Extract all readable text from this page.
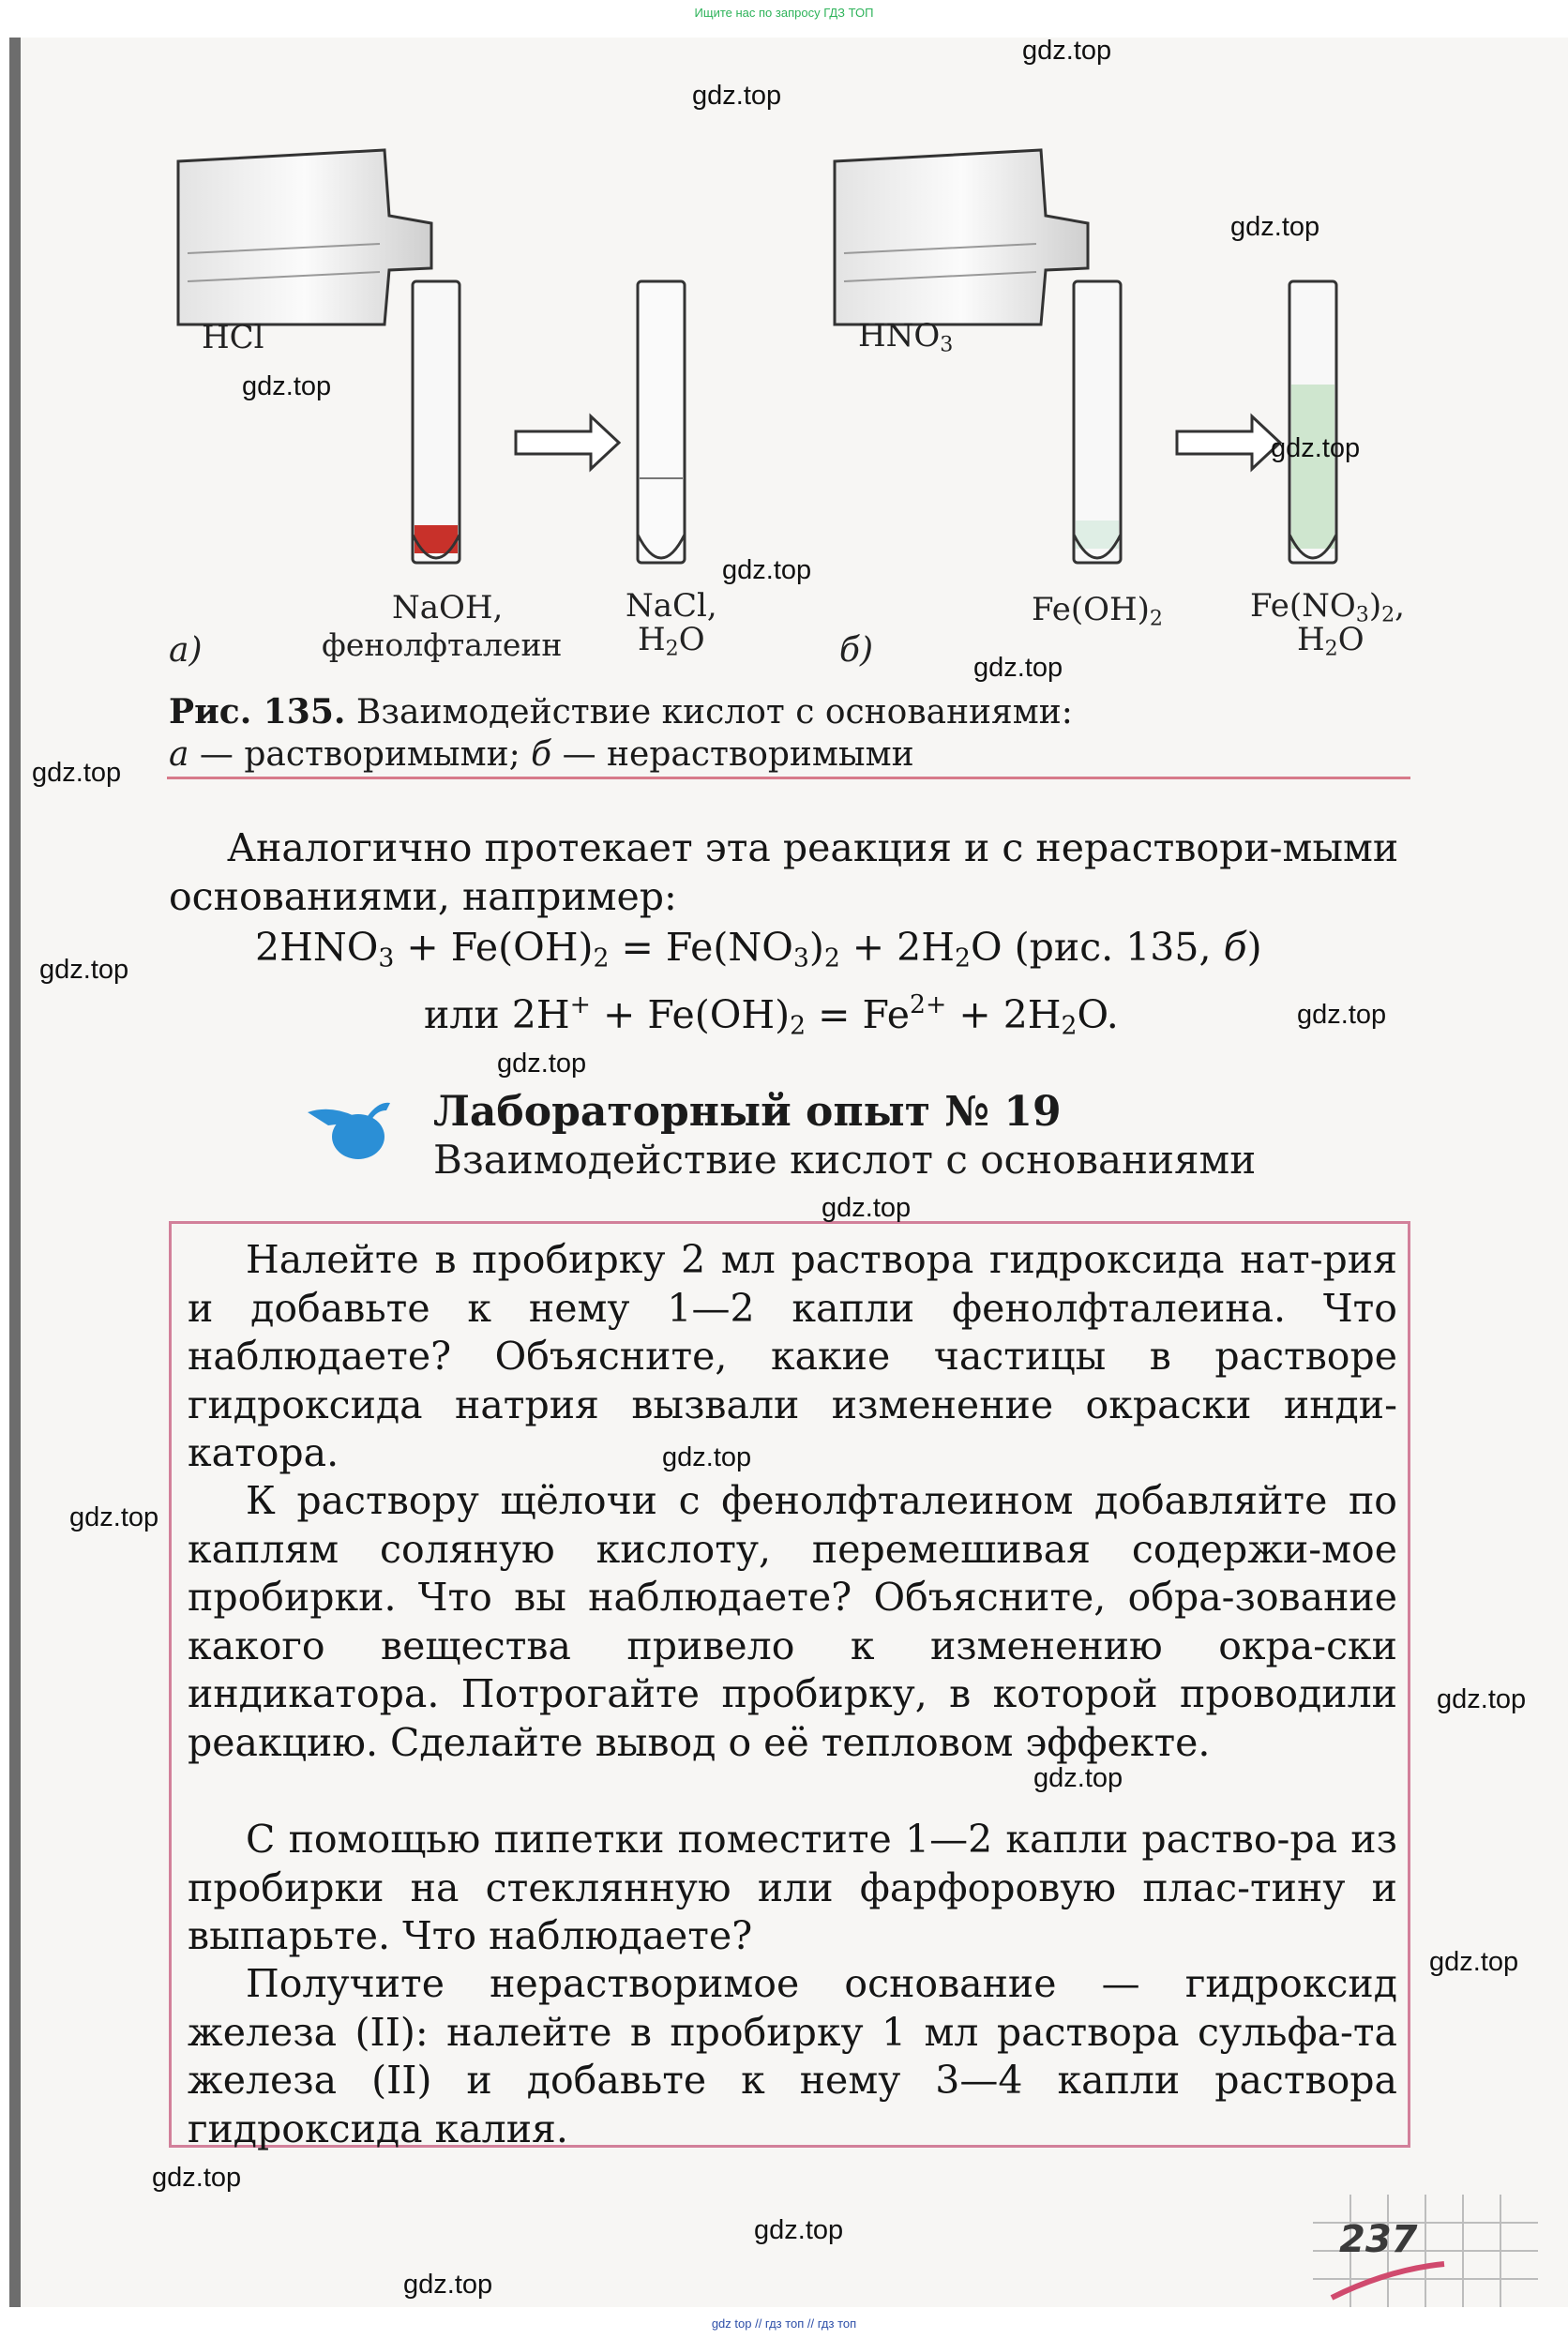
Ищите нас по запросу ГДЗ ТОП
HCl	$HNO_3$
NaOH,
фенолфталеин
NaCl,
$H_2O$
$Fe(OH)_2$	$Fe(NO_3)_2$,
$H_2O$
а)	б)
Рис. 135. Взаимодействие кислот с основаниями:
а — растворимыми; б — нерастворимыми
Аналогично протекает эта реакция и с нераствори-мыми основаниями, например:
$2HNO_3 + Fe(OH)_2 = Fe(NO_3)_2 + 2H_2O$ (рис. 135, б)
или $2H^+ + Fe(OH)_2 = Fe^{2+} + 2H_2O$.
Лабораторный опыт № 19
Взаимодействие кислот с основаниями
Налейте в пробирку 2 мл раствора гидроксида нат-рия и добавьте к нему 1—2 капли фенолфталеина. Что наблюдаете? Объясните, какие частицы в растворе гидроксида натрия вызвали изменение окраски инди-катора.
К раствору щёлочи с фенолфталеином добавляйте по каплям соляную кислоту, перемешивая содержи-мое пробирки. Что вы наблюдаете? Объясните, обра-зование какого вещества привело к изменению окра-ски индикатора. Потрогайте пробирку, в которой проводили реакцию. Сделайте вывод о её тепловом эффекте.
С помощью пипетки поместите 1—2 капли раство-ра из пробирки на стеклянную или фарфоровую плас-тину и выпарьте. Что наблюдаете?
Получите нерастворимое основание — гидроксид железа (II): налейте в пробирку 1 мл раствора сульфа-та железа (II) и добавьте к нему 3—4 капли раствора гидроксида калия.
237
gdz.top
gdz.top
gdz.top
gdz.top
gdz.top
gdz.top
gdz.top
gdz.top
gdz.top
gdz.top
gdz.top
gdz.top
gdz.top
gdz.top
gdz.top
gdz.top
gdz.top
gdz.top
gdz.top
gdz.top
gdz top // гдз топ // гдз топ
